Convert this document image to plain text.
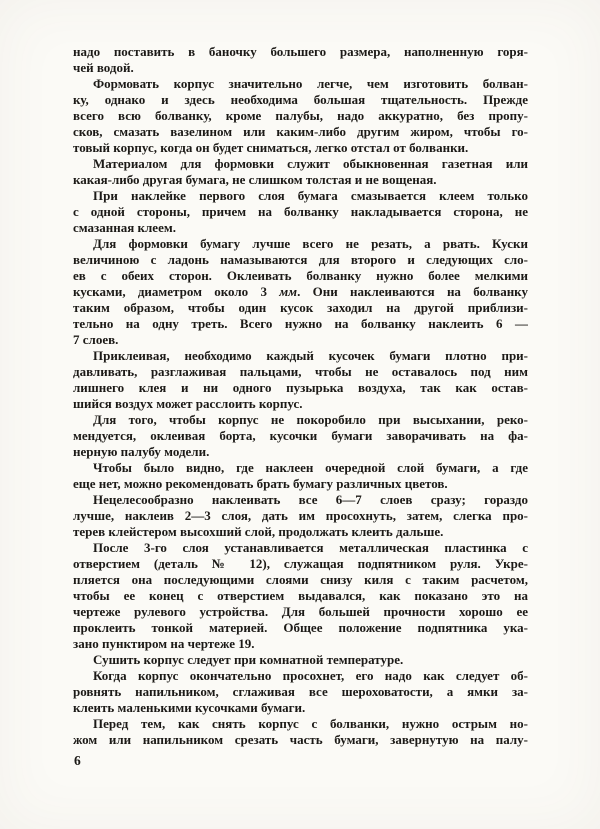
надо поставить в баночку большего размера, наполненную горя-
чей водой.
Формовать корпус значительно легче, чем изготовить болван-
ку, однако и здесь необходима большая тщательность. Прежде
всего всю болванку, кроме палубы, надо аккуратно, без пропу-
сков, смазать вазелином или каким-либо другим жиром, чтобы го-
товый корпус, когда он будет сниматься, легко отстал от болванки.
Материалом для формовки служит обыкновенная газетная или
какая-либо другая бумага, не слишком толстая и не вощеная.
При наклейке первого слоя бумага смазывается клеем только
с одной стороны, причем на болванку накладывается сторона, не
смазанная клеем.
Для формовки бумагу лучше всего не резать, а рвать. Куски
величиною с ладонь намазываются для второго и следующих сло-
ев с обеих сторон. Оклеивать болванку нужно более мелкими
кусками, диаметром около 3 мм. Они наклеиваются на болванку
таким образом, чтобы один кусок заходил на другой приблизи-
тельно на одну треть. Всего нужно на болванку наклеить 6 —
7 слоев.
Приклеивая, необходимо каждый кусочек бумаги плотно при-
давливать, разглаживая пальцами, чтобы не оставалось под ним
лишнего клея и ни одного пузырька воздуха, так как остав-
шийся воздух может расслоить корпус.
Для того, чтобы корпус не покоробило при высыхании, реко-
мендуется, оклеивая борта, кусочки бумаги заворачивать на фа-
нерную палубу модели.
Чтобы было видно, где наклеен очередной слой бумаги, а где
еще нет, можно рекомендовать брать бумагу различных цветов.
Нецелесообразно наклеивать все 6—7 слоев сразу; гораздо
лучше, наклеив 2—3 слоя, дать им просохнуть, затем, слегка про-
терев клейстером высохший слой, продолжать клеить дальше.
После 3-го слоя устанавливается металлическая пластинка с
отверстием (деталь № 12), служащая подпятником руля. Укре-
пляется она последующими слоями снизу киля с таким расчетом,
чтобы ее конец с отверстием выдавался, как показано это на
чертеже рулевого устройства. Для большей прочности хорошо ее
проклеить тонкой материей. Общее положение подпятника ука-
зано пунктиром на чертеже 19.
Сушить корпус следует при комнатной температуре.
Когда корпус окончательно просохнет, его надо как следует об-
ровнять напильником, сглаживая все шероховатости, а ямки за-
клеить маленькими кусочками бумаги.
Перед тем, как снять корпус с болванки, нужно острым но-
жом или напильником срезать часть бумаги, завернутую на палу-
6
